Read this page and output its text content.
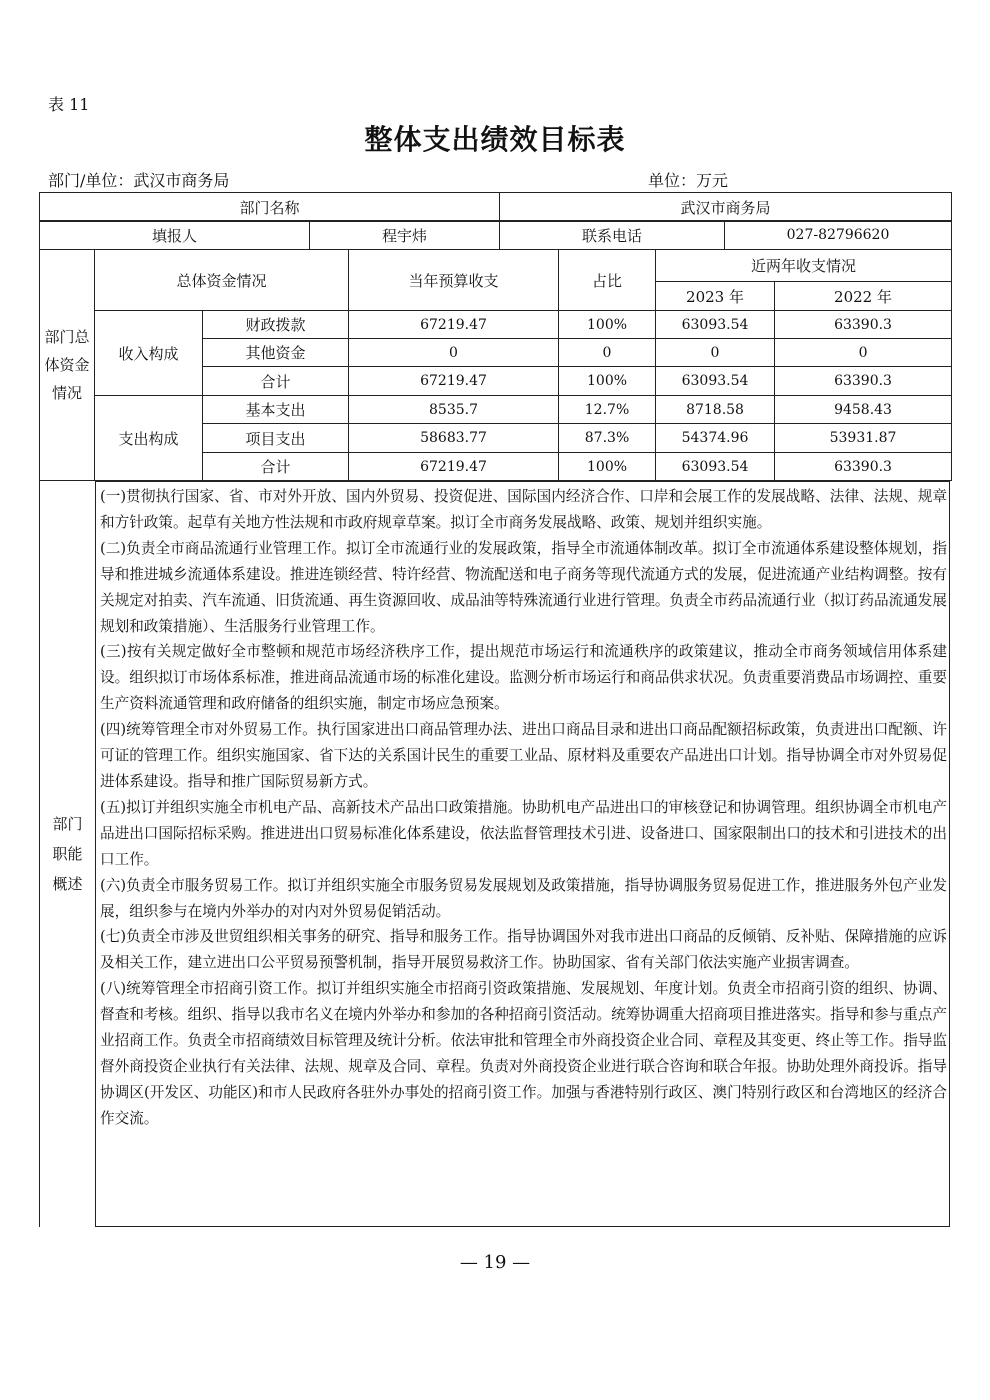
表 11
整体支出绩效目标表
部门/单位：武汉市商务局	单位：万元
部门名称	武汉市商务局
填报人	程宇炜	联系电话	027-82796620
部门总体资金情况	总体资金情况		当年预算收支	占比	近两年收支情况	
					2023 年	2022 年
	收入构成	财政拨款	67219.47	100%	63093.54	63390.3
		其他资金	0	0	0	0
		合计	67219.47	100%	63093.54	63390.3
	支出构成	基本支出	8535.7	12.7%	8718.58	9458.43
		项目支出	58683.77	87.3%	54374.96	53931.87
		合计	67219.47	100%	63093.54	63390.3
部门职能概述

(一)贯彻执行国家、省、市对外开放、国内外贸易、投资促进、国际国内经济合作、口岸和会展工作的发展战略、法律、法规、规章和方针政策。起草有关地方性法规和市政府规章草案。拟订全市商务发展战略、政策、规划并组织实施。

(二)负责全市商品流通行业管理工作。拟订全市流通行业的发展政策，指导全市流通体制改革。拟订全市流通体系建设整体规划，指导和推进城乡流通体系建设。推进连锁经营、特许经营、物流配送和电子商务等现代流通方式的发展，促进流通产业结构调整。按有关规定对拍卖、汽车流通、旧货流通、再生资源回收、成品油等特殊流通行业进行管理。负责全市药品流通行业（拟订药品流通发展规划和政策措施）、生活服务行业管理工作。

(三)按有关规定做好全市整顿和规范市场经济秩序工作，提出规范市场运行和流通秩序的政策建议，推动全市商务领域信用体系建设。组织拟订市场体系标准，推进商品流通市场的标准化建设。监测分析市场运行和商品供求状况。负责重要消费品市场调控、重要生产资料流通管理和政府储备的组织实施，制定市场应急预案。

(四)统筹管理全市对外贸易工作。执行国家进出口商品管理办法、进出口商品目录和进出口商品配额招标政策，负责进出口配额、许可证的管理工作。组织实施国家、省下达的关系国计民生的重要工业品、原材料及重要农产品进出口计划。指导协调全市对外贸易促进体系建设。指导和推广国际贸易新方式。

(五)拟订并组织实施全市机电产品、高新技术产品出口政策措施。协助机电产品进出口的审核登记和协调管理。组织协调全市机电产品进出口国际招标采购。推进进出口贸易标准化体系建设，依法监督管理技术引进、设备进口、国家限制出口的技术和引进技术的出口工作。

(六)负责全市服务贸易工作。拟订并组织实施全市服务贸易发展规划及政策措施，指导协调服务贸易促进工作，推进服务外包产业发展，组织参与在境内外举办的对内对外贸易促销活动。

(七)负责全市涉及世贸组织相关事务的研究、指导和服务工作。指导协调国外对我市进出口商品的反倾销、反补贴、保障措施的应诉及相关工作，建立进出口公平贸易预警机制，指导开展贸易救济工作。协助国家、省有关部门依法实施产业损害调查。

(八)统筹管理全市招商引资工作。拟订并组织实施全市招商引资政策措施、发展规划、年度计划。负责全市招商引资的组织、协调、督查和考核。组织、指导以我市名义在境内外举办和参加的各种招商引资活动。统筹协调重大招商项目推进落实。指导和参与重点产业招商工作。负责全市招商绩效目标管理及统计分析。依法审批和管理全市外商投资企业合同、章程及其变更、终止等工作。指导监督外商投资企业执行有关法律、法规、规章及合同、章程。负责对外商投资企业进行联合咨询和联合年报。协助处理外商投诉。指导协调区(开发区、功能区)和市人民政府各驻外办事处的招商引资工作。加强与香港特别行政区、澳门特别行政区和台湾地区的经济合作交流。

— 19 —
